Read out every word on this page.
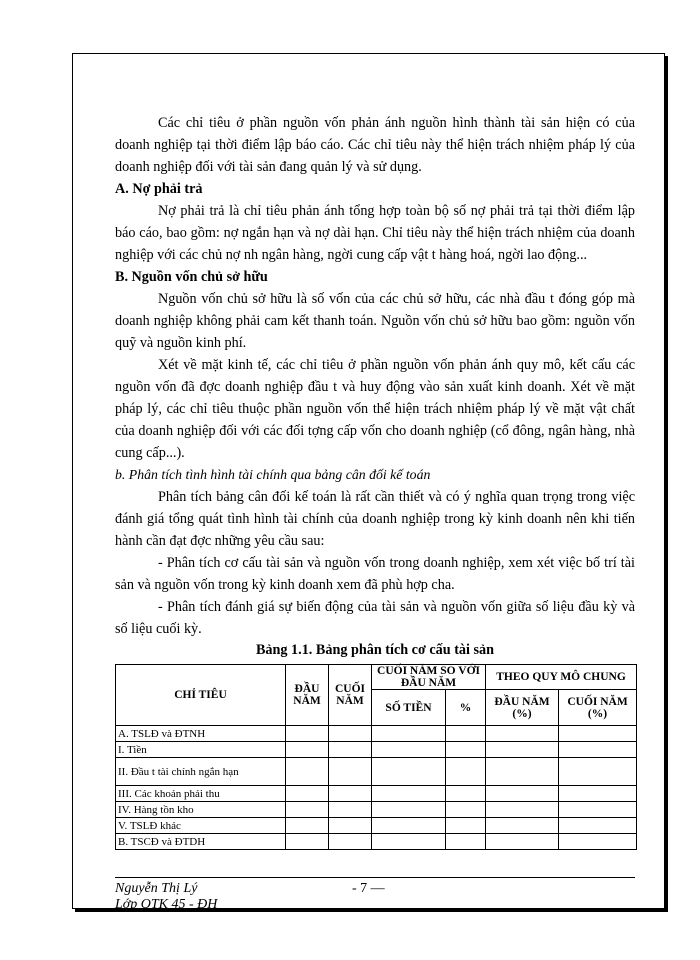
Các chỉ tiêu ở phần nguồn vốn phản ánh nguồn hình thành tài sản hiện có của doanh nghiệp tại thời điểm lập báo cáo. Các chỉ tiêu này thể hiện trách nhiệm pháp lý của doanh nghiệp đối với tài sản đang quản lý và sử dụng.

A. Nợ phải trả

Nợ phải trả là chỉ tiêu phản ánh tổng hợp toàn bộ số nợ phải trả tại thời điểm lập báo cáo, bao gồm: nợ ngắn hạn và nợ dài hạn. Chỉ tiêu này thể hiện trách nhiệm của doanh nghiệp với các chủ nợ nh ngân hàng, ngời cung cấp vật t hàng hoá, ngời lao động...

B. Nguồn vốn chủ sở hữu

Nguồn vốn chủ sở hữu là số vốn của các chủ sở hữu, các nhà đầu t đóng góp mà doanh nghiệp không phải cam kết thanh toán. Nguồn vốn chủ sở hữu bao gồm: nguồn vốn quỹ và nguồn kinh phí.

Xét về mặt kinh tế, các chỉ tiêu ở phần nguồn vốn phản ánh quy mô, kết cấu các nguồn vốn đã đợc doanh nghiệp đầu t và huy động vào sản xuất kinh doanh. Xét về mặt pháp lý, các chỉ tiêu thuộc phần nguồn vốn thể hiện trách nhiệm pháp lý về mặt vật chất của doanh nghiệp đối với các đối tợng cấp vốn cho doanh nghiệp (cổ đông, ngân hàng, nhà cung cấp...).

b. Phân tích tình hình tài chính qua bảng cân đối kế toán

Phân tích bảng cân đối kế toán là rất cần thiết và có ý nghĩa quan trọng trong việc đánh giá tổng quát tình hình tài chính của doanh nghiệp trong kỳ kinh doanh nên khi tiến hành cần đạt đợc những yêu cầu sau:

- Phân tích cơ cấu tài sản và nguồn vốn trong doanh nghiệp, xem xét việc bố trí tài sản và nguồn vốn trong kỳ kinh doanh xem đã phù hợp cha.

- Phân tích đánh giá sự biến động của tài sản và nguồn vốn giữa số liệu đầu kỳ và số liệu cuối kỳ.

Bảng 1.1. Bảng phân tích cơ cấu tài sản

CHỈ TIÊU	ĐẦU NĂM	CUỐI NĂM	CUỐI NĂM SO VỚI ĐẦU NĂM		THEO QUY MÔ CHUNG	
			SỐ TIỀN	%	ĐẦU NĂM (%)	CUỐI NĂM (%)
A. TSLĐ và ĐTNH						
I. Tiền						
II. Đầu t tài chính ngắn hạn						
III. Các khoản phải thu						
IV. Hàng tồn kho						
V. TSLĐ khác						
B. TSCĐ và ĐTDH						
Nguyễn Thị Lý
Lớp OTK 45 - ĐH
- 7 —
